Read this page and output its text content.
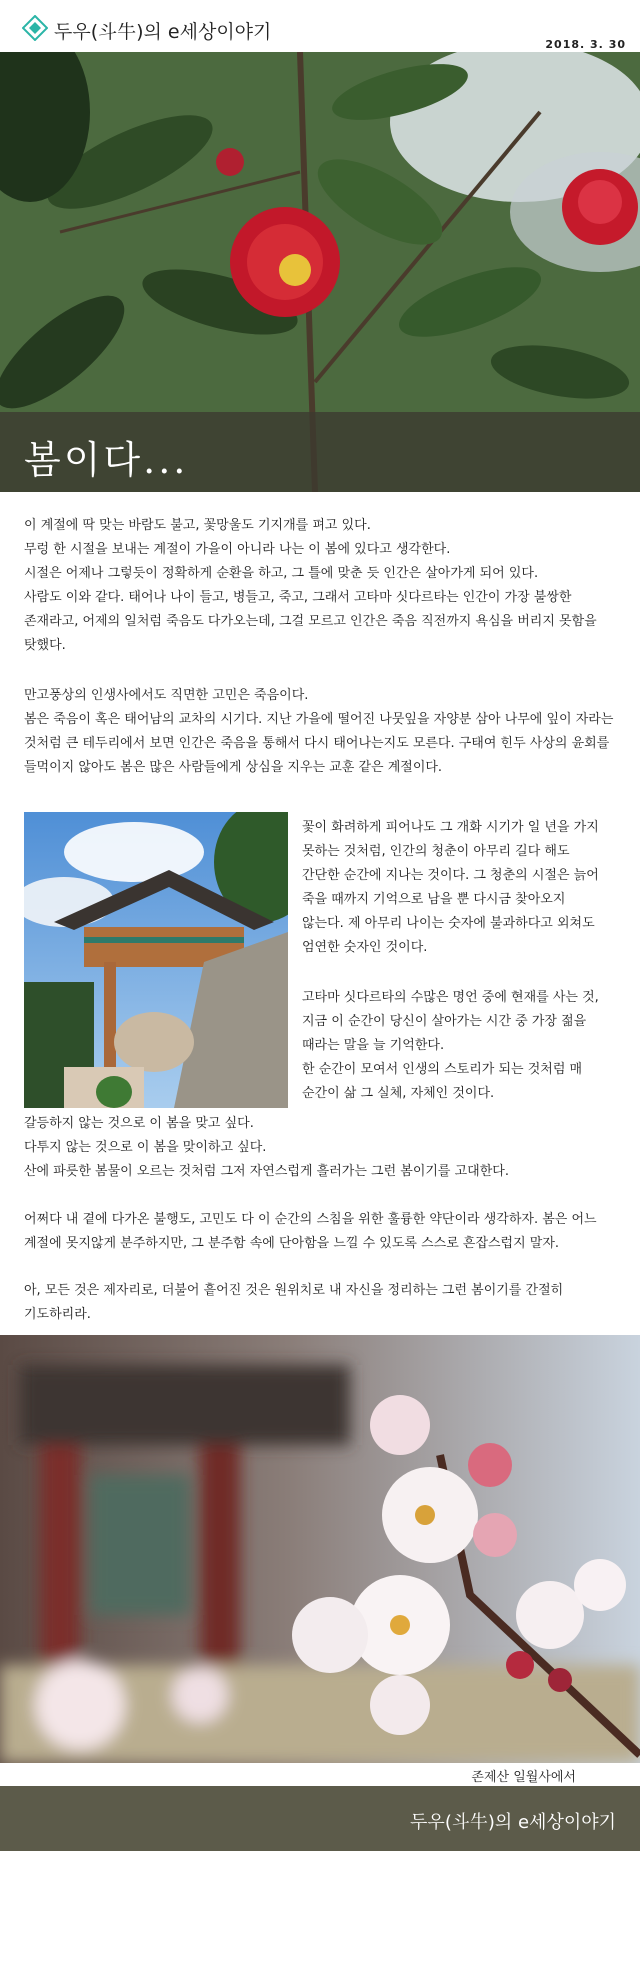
두우(斗牛)의 e세상이야기
2018. 3. 30
봄이다...
이 계절에 딱 맞는 바람도 불고, 꽃망울도 기지개를 펴고 있다.
무렁 한 시절을 보내는 계절이 가을이 아니라 나는 이 봄에 있다고 생각한다.
시절은 어제나 그렇듯이 정확하게 순환을 하고, 그 틀에 맞춘 듯 인간은 살아가게 되어 있다.
사람도 이와 같다. 태어나 나이 들고, 병들고, 죽고, 그래서 고타마 싯다르타는 인간이 가장 불쌍한
존재라고, 어제의 일처럼 죽음도 다가오는데, 그걸 모르고 인간은 죽음 직전까지 욕심을 버리지 못함을
탓했다.
만고풍상의 인생사에서도 직면한 고민은 죽음이다.
봄은 죽음이 혹은 태어남의 교차의 시기다. 지난 가을에 떨어진 나뭇잎을 자양분 삼아 나무에 잎이 자라는
것처럼 큰 테두리에서 보면 인간은 죽음을 통해서 다시 태어나는지도 모른다. 구태여 힌두 사상의 윤회를
들먹이지 않아도 봄은 많은 사람들에게 상심을 지우는 교훈 같은 계절이다.
꽃이 화려하게 피어나도 그 개화 시기가 일 년을 가지
못하는 것처럼, 인간의 청춘이 아무리 길다 해도
간단한 순간에 지나는 것이다. 그 청춘의 시절은 늙어
죽을 때까지 기억으로 남을 뿐 다시금 찾아오지
않는다. 제 아무리 나이는 숫자에 불과하다고 외쳐도
엄연한 숫자인 것이다.
고타마 싯다르타의 수많은 명언 중에 현재를 사는 것,
지금 이 순간이 당신이 살아가는 시간 중 가장 젊을
때라는 말을 늘 기억한다.
한 순간이 모여서 인생의 스토리가 되는 것처럼 매
순간이 삶 그 실체, 자체인 것이다.
갈등하지 않는 것으로 이 봄을 맞고 싶다.
다투지 않는 것으로 이 봄을 맞이하고 싶다.
산에 파릇한 봄물이 오르는 것처럼 그저 자연스럽게 흘러가는 그런 봄이기를 고대한다.
어쩌다 내 곁에 다가온 불행도, 고민도 다 이 순간의 스침을 위한 훌륭한 약단이라 생각하자. 봄은 어느
계절에 못지않게 분주하지만, 그 분주함 속에 단아함을 느낄 수 있도록 스스로 흔잡스럽지 말자.
아, 모든 것은 제자리로, 더불어 흩어진 것은 원위치로 내 자신을 정리하는 그런 봄이기를 간절히
기도하리라.
존제산 일월사에서
두우(斗牛)의 e세상이야기
